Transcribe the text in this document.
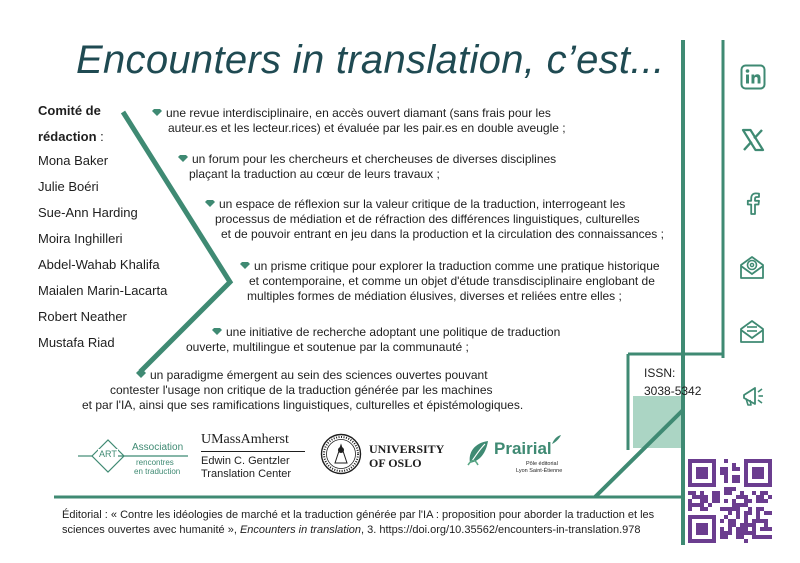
Encounters in translation, c’est...
Comité de
rédaction :
Mona Baker
Julie Boéri
Sue-Ann Harding
Moira Inghilleri
Abdel-Wahab Khalifa
Maialen Marin-Lacarta
Robert Neather
Mustafa Riad
une revue interdisciplinaire, en accès ouvert diamant (sans frais pour les
auteur.es et les lecteur.rices) et évaluée par les pair.es en double aveugle ;
un forum pour les chercheurs et chercheuses de diverses disciplines
plaçant la traduction au cœur de leurs travaux ;
un espace de réflexion sur la valeur critique de la traduction, interrogeant les
processus de médiation et de réfraction des différences linguistiques, culturelles
et de pouvoir entrant en jeu dans la production et la circulation des connaissances ;
un prisme critique pour explorer la traduction comme une pratique historique
et contemporaine, et comme un objet d'étude transdisciplinaire englobant de
multiples formes de médiation élusives, diverses et reliées entre elles ;
une initiative de recherche adoptant une politique de traduction
ouverte, multilingue et soutenue par la communauté ;
un paradigme émergent au sein des sciences ouvertes pouvant
contester l'usage non critique de la traduction générée par les machines
et par l'IA, ainsi que ses ramifications linguistiques, culturelles et épistémologiques.
ISSN:
3038-5342
ART
Association
rencontres
en traduction
UMassAmherst
Edwin C. Gentzler
Translation Center
UNIVERSITY
OF OSLO
Prairial
Pôle éditorial
Lyon Saint-Étienne
Éditorial : « Contre les idéologies de marché et la traduction générée par l'IA : proposition pour aborder la traduction et les
sciences ouvertes avec humanité », Encounters in translation, 3. https://doi.org/10.35562/encounters-in-translation.978
